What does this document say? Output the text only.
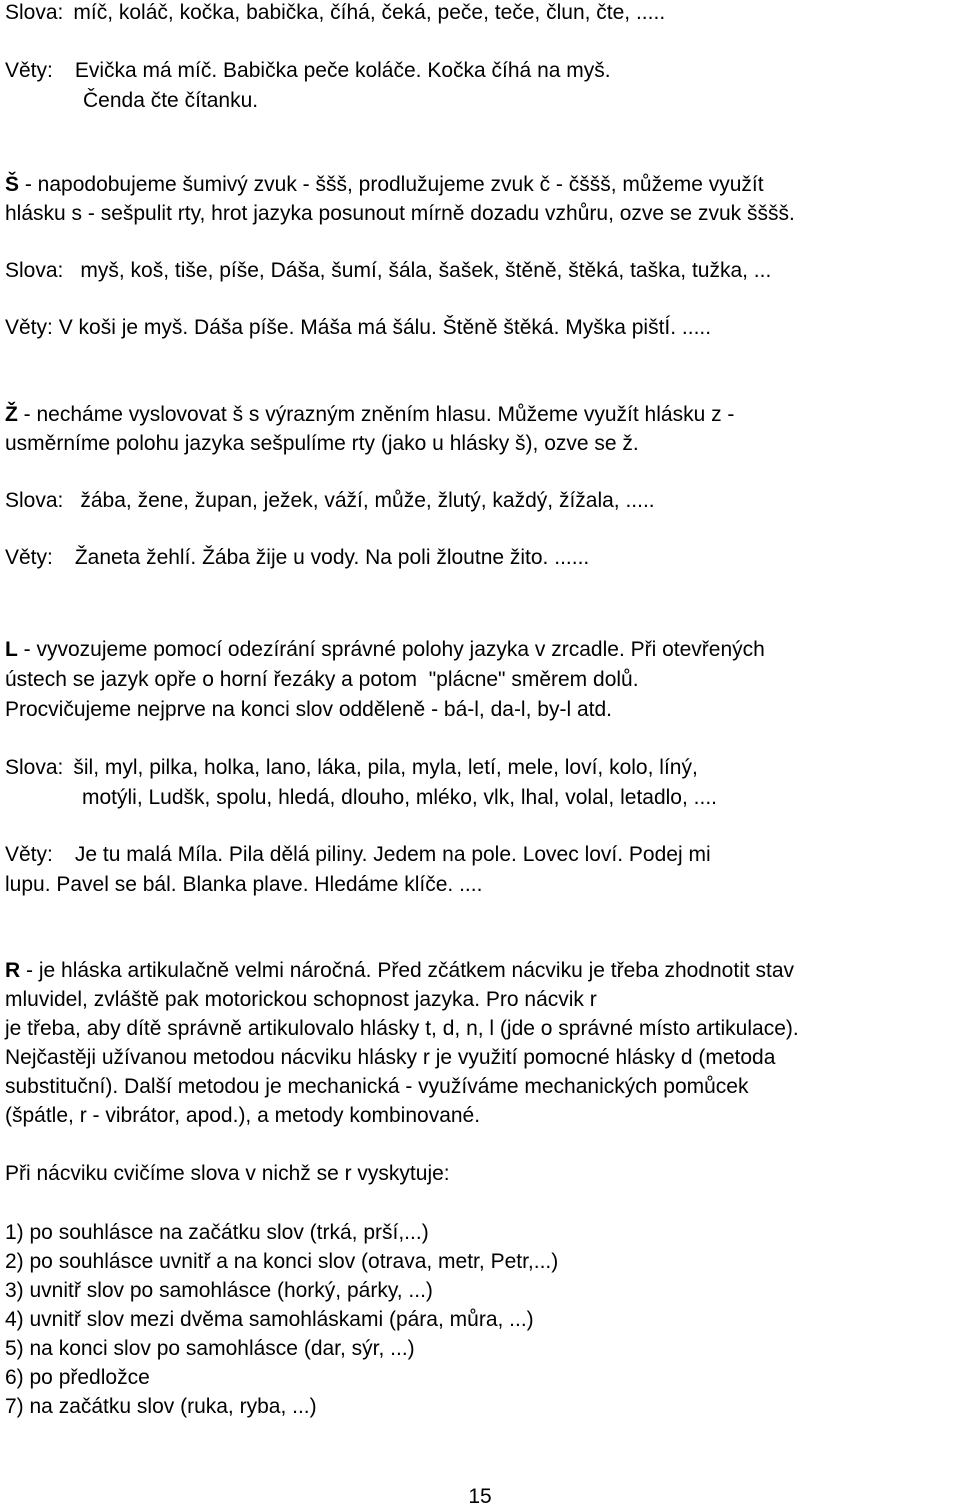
Slova: míč, koláč, kočka, babička, číhá, čeká, peče, teče, člun, čte, .....
Věty: Evička má míč. Babička peče koláče. Kočka číhá na myš.
Čenda čte čítanku.
Š - napodobujeme šumivý zvuk - ššš, prodlužujeme zvuk č - čššš, můžeme využít
hlásku s - sešpulit rty, hrot jazyka posunout mírně dozadu vzhůru, ozve se zvuk šššš.
Slova: myš, koš, tiše, píše, Dáša, šumí, šála, šašek, štěně, štěká, taška, tužka, ...
Věty: V koši je myš. Dáša píše. Máša má šálu. Štěně štěká. Myška pištÍ. .....
Ž - necháme vyslovovat š s výrazným zněním hlasu. Můžeme využít hlásku z -
usměrníme polohu jazyka sešpulíme rty (jako u hlásky š), ozve se ž.
Slova: žába, žene, župan, ježek, váží, může, žlutý, každý, žížala, .....
Věty: Žaneta žehlí. Žába žije u vody. Na poli žloutne žito. ......
L - vyvozujeme pomocí odezírání správné polohy jazyka v zrcadle. Při otevřených
ústech se jazyk opře o horní řezáky a potom  "plácne" směrem dolů.
Procvičujeme nejprve na konci slov odděleně - bá-l, da-l, by-l atd.
Slova: šil, myl, pilka, holka, lano, láka, pila, myla, letí, mele, loví, kolo, líný,
motýli, Ludšk, spolu, hledá, dlouho, mléko, vlk, lhal, volal, letadlo, ....
Věty: Je tu malá Míla. Pila dělá piliny. Jedem na pole. Lovec loví. Podej mi
lupu. Pavel se bál. Blanka plave. Hledáme klíče. ....
R - je hláska artikulačně velmi náročná. Před zčátkem nácviku je třeba zhodnotit stav
mluvidel, zvláště pak motorickou schopnost jazyka. Pro nácvik r
je třeba, aby dítě správně artikulovalo hlásky t, d, n, l (jde o správné místo artikulace).
Nejčastěji užívanou metodou nácviku hlásky r je využití pomocné hlásky d (metoda
substituční). Další metodou je mechanická - využíváme mechanických pomůcek
(špátle, r - vibrátor, apod.), a metody kombinované.
Při nácviku cvičíme slova v nichž se r vyskytuje:
1) po souhlásce na začátku slov (trká, prší,...)
2) po souhlásce uvnitř a na konci slov (otrava, metr, Petr,...)
3) uvnitř slov po samohlásce (horký, párky, ...)
4) uvnitř slov mezi dvěma samohláskami (pára, můra, ...)
5) na konci slov po samohlásce (dar, sýr, ...)
6) po předložce
7) na začátku slov (ruka, ryba, ...)
15
